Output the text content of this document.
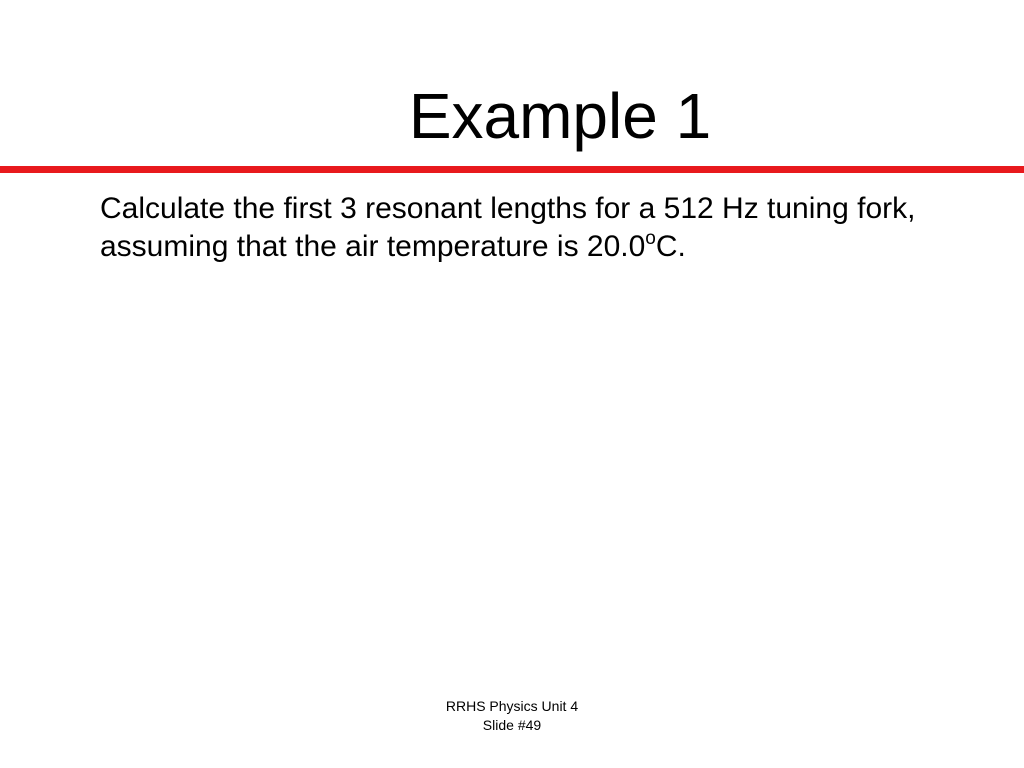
Example 1

Calculate the first 3 resonant lengths for a 512 Hz tuning fork, assuming that the air temperature is 20.0$^o$C.

RRHS Physics Unit 4
Slide #49
